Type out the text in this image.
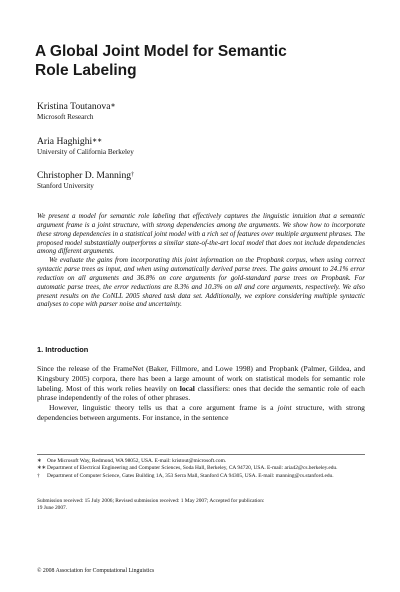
A Global Joint Model for Semantic
Role Labeling
Kristina Toutanova∗
Microsoft Research
Aria Haghighi∗∗
University of California Berkeley
Christopher D. Manning†
Stanford University

We present a model for semantic role labeling that effectively captures the linguistic intuition that a semantic argument frame is a joint structure, with strong dependencies among the arguments. We show how to incorporate these strong dependencies in a statistical joint model with a rich set of features over multiple argument phrases. The proposed model substantially outperforms a similar state-of-the-art local model that does not include dependencies among different arguments.

We evaluate the gains from incorporating this joint information on the Propbank corpus, when using correct syntactic parse trees as input, and when using automatically derived parse trees. The gains amount to 24.1% error reduction on all arguments and 36.8% on core arguments for gold-standard parse trees on Propbank. For automatic parse trees, the error reductions are 8.3% and 10.3% on all and core arguments, respectively. We also present results on the CoNLL 2005 shared task data set. Additionally, we explore considering multiple syntactic analyses to cope with parser noise and uncertainty.

1. Introduction

Since the release of the FrameNet (Baker, Fillmore, and Lowe 1998) and Propbank (Palmer, Gildea, and Kingsbury 2005) corpora, there has been a large amount of work on statistical models for semantic role labeling. Most of this work relies heavily on local classifiers: ones that decide the semantic role of each phrase independently of the roles of other phrases.

However, linguistic theory tells us that a core argument frame is a joint structure, with strong dependencies between arguments. For instance, in the sentence

∗ One Microsoft Way, Redmond, WA 98052, USA. E-mail: kristout@microsoft.com.
∗∗ Department of Electrical Engineering and Computer Sciences, Soda Hall, Berkeley, CA 94720, USA. E-mail: aria42@cs.berkeley.edu.
† Department of Computer Science, Gates Building 1A, 353 Serra Mall, Stanford CA 94305, USA. E-mail: manning@cs.stanford.edu.
Submission received: 15 July 2006; Revised submission received: 1 May 2007; Accepted for publication:
19 June 2007.
© 2008 Association for Computational Linguistics
